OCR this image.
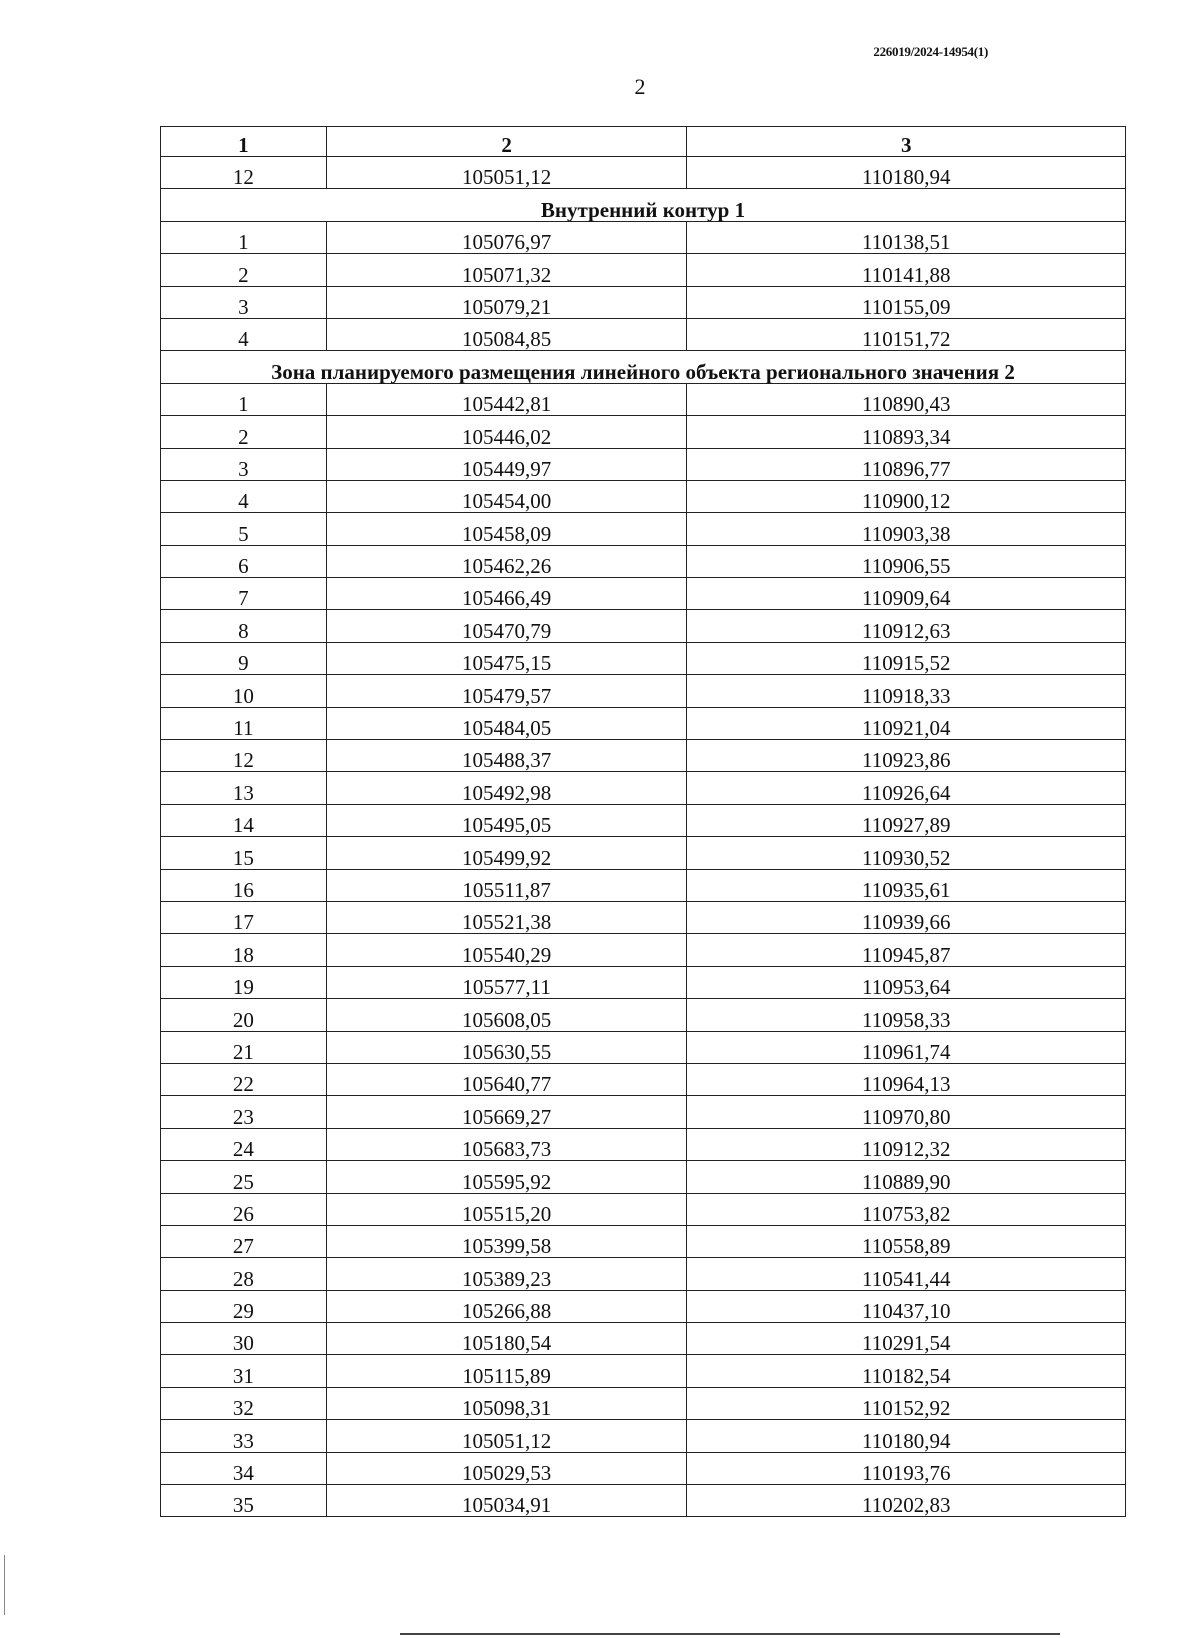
226019/2024-14954(1)
2
1	2	3
12	105051,12	110180,94
Внутренний контур 1		
1	105076,97	110138,51
2	105071,32	110141,88
3	105079,21	110155,09
4	105084,85	110151,72
Зона планируемого размещения линейного объекта регионального значения 2		
1	105442,81	110890,43
2	105446,02	110893,34
3	105449,97	110896,77
4	105454,00	110900,12
5	105458,09	110903,38
6	105462,26	110906,55
7	105466,49	110909,64
8	105470,79	110912,63
9	105475,15	110915,52
10	105479,57	110918,33
11	105484,05	110921,04
12	105488,37	110923,86
13	105492,98	110926,64
14	105495,05	110927,89
15	105499,92	110930,52
16	105511,87	110935,61
17	105521,38	110939,66
18	105540,29	110945,87
19	105577,11	110953,64
20	105608,05	110958,33
21	105630,55	110961,74
22	105640,77	110964,13
23	105669,27	110970,80
24	105683,73	110912,32
25	105595,92	110889,90
26	105515,20	110753,82
27	105399,58	110558,89
28	105389,23	110541,44
29	105266,88	110437,10
30	105180,54	110291,54
31	105115,89	110182,54
32	105098,31	110152,92
33	105051,12	110180,94
34	105029,53	110193,76
35	105034,91	110202,83
